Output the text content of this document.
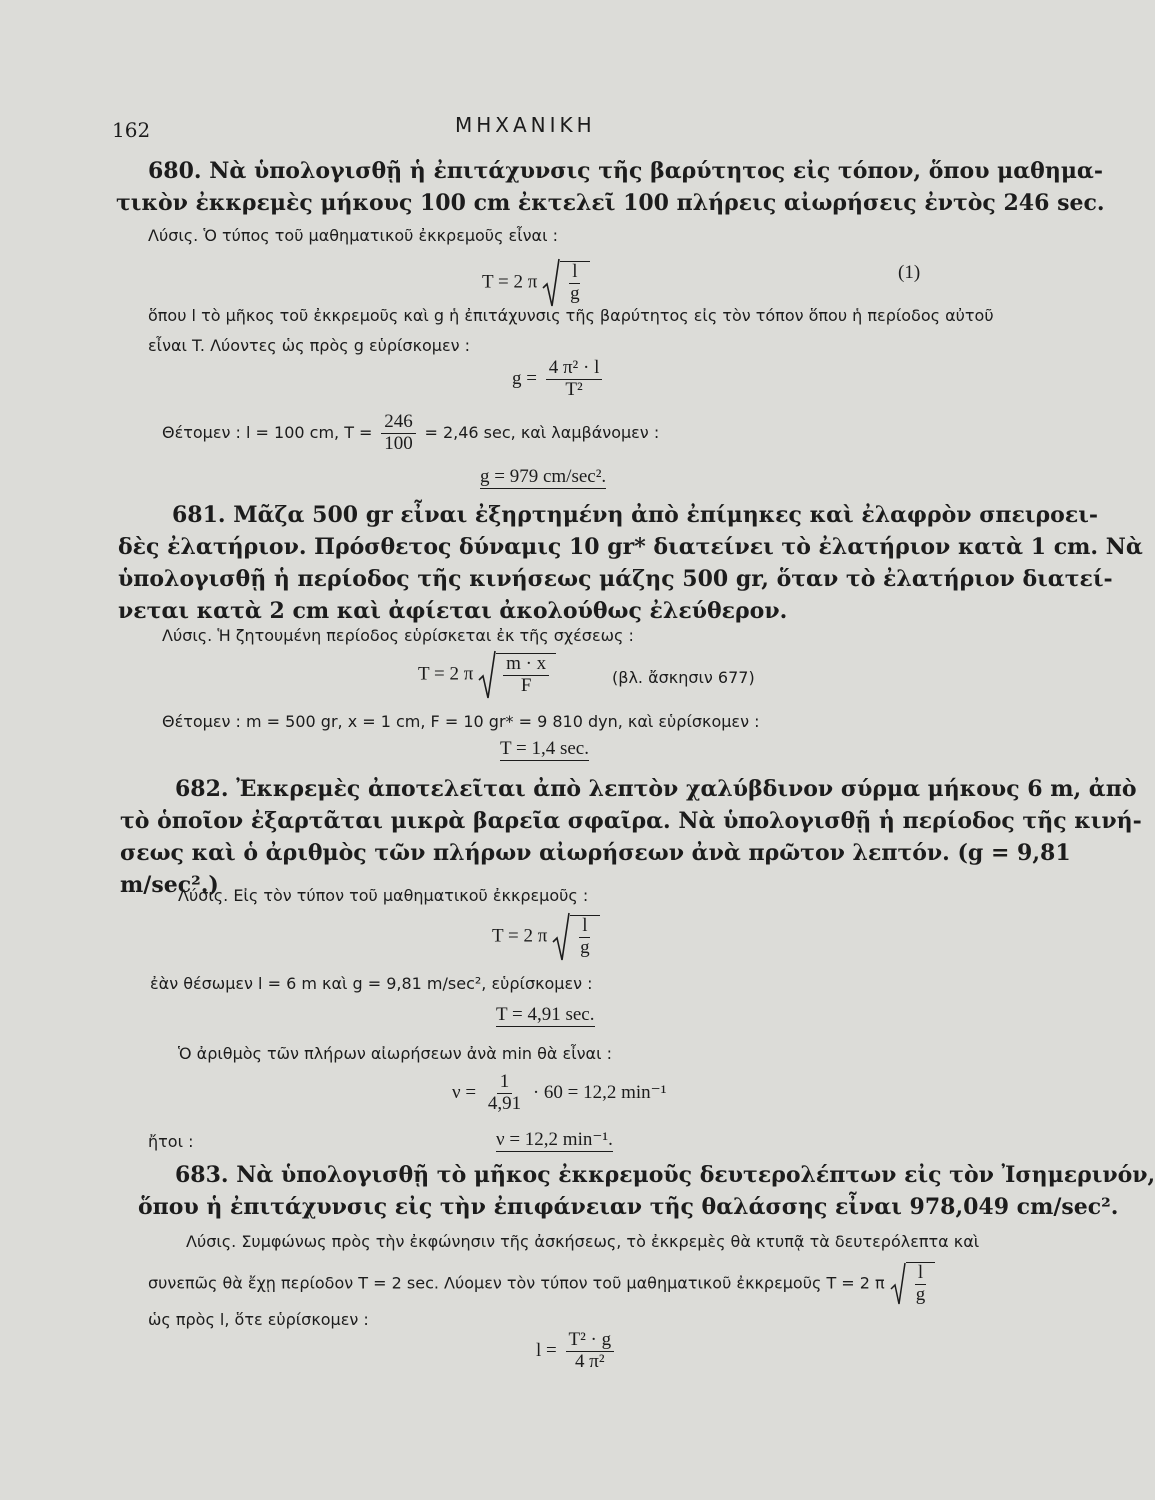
162	ΜΗΧΑΝΙΚΗ
680. Νὰ ὑπολογισθῇ ἡ ἐπιτάχυνσις τῆς βαρύτητος εἰς τόπον, ὅπου μαθημα-
τικὸν ἐκκρεμὲς μήκους 100 cm ἐκτελεῖ 100 πλήρεις αἰωρήσεις ἐντὸς 246 sec.
Λύσις. Ὁ τύπος τοῦ μαθηματικοῦ ἐκκρεμοῦς εἶναι :
T = 2 π $\frac{l}{g}$	(1)
ὅπου l τὸ μῆκος τοῦ ἐκκρεμοῦς καὶ g ἡ ἐπιτάχυνσις τῆς βαρύτητος εἰς τὸν τόπον ὅπου ἡ περίοδος αὐτοῦ
εἶναι T. Λύοντες ὡς πρὸς g εὑρίσκομεν :
$g = \frac{\text{4 π² · l}}{\text{T²}}$
Θέτομεν : l = 100 cm, $T = \frac{246}{100} = 2,46$ sec, καὶ λαμβάνομεν :
g = 979 cm/sec².
681. Μᾶζα 500 gr εἶναι ἐξηρτημένη ἀπὸ ἐπίμηκες καὶ ἐλαφρὸν σπειροει-
δὲς ἐλατήριον. Πρόσθετος δύναμις 10 gr* διατείνει τὸ ἐλατήριον κατὰ 1 cm. Νὰ
ὑπολογισθῇ ἡ περίοδος τῆς κινήσεως μάζης 500 gr, ὅταν τὸ ἐλατήριον διατεί-
νεται κατὰ 2 cm καὶ ἀφίεται ἀκολούθως ἐλεύθερον.
Λύσις. Ἡ ζητουμένη περίοδος εὑρίσκεται ἐκ τῆς σχέσεως :
T = 2 π $\frac{m \cdot x}{F}$	(βλ. ἄσκησιν 677)
Θέτομεν : m = 500 gr, x = 1 cm, F = 10 gr* = 9 810 dyn, καὶ εὑρίσκομεν :
T = 1,4 sec.
682. Ἐκκρεμὲς ἀποτελεῖται ἀπὸ λεπτὸν χαλύβδινον σύρμα μήκους 6 m, ἀπὸ
τὸ ὁποῖον ἐξαρτᾶται μικρὰ βαρεῖα σφαῖρα. Νὰ ὑπολογισθῇ ἡ περίοδος τῆς κινή-
σεως καὶ ὁ ἀριθμὸς τῶν πλήρων αἰωρήσεων ἀνὰ πρῶτον λεπτόν. (g = 9,81
m/sec².)
Λύσις. Εἰς τὸν τύπον τοῦ μαθηματικοῦ ἐκκρεμοῦς :
T = 2 π $\frac{l}{g}$
ἐὰν θέσωμεν l = 6 m καὶ g = 9,81 m/sec², εὑρίσκομεν :
T = 4,91 sec.
Ὁ ἀριθμὸς τῶν πλήρων αἰωρήσεων ἀνὰ min θὰ εἶναι :
$\nu = \frac{1}{4,91} \cdot 60 = 12,2$ min⁻¹
ἤτοι :	ν = 12,2 min⁻¹.
683. Νὰ ὑπολογισθῇ τὸ μῆκος ἐκκρεμοῦς δευτερολέπτων εἰς τὸν Ἰσημερινόν,
ὅπου ἡ ἐπιτάχυνσις εἰς τὴν ἐπιφάνειαν τῆς θαλάσσης εἶναι 978,049 cm/sec².
Λύσις. Συμφώνως πρὸς τὴν ἐκφώνησιν τῆς ἀσκήσεως, τὸ ἐκκρεμὲς θὰ κτυπᾷ τὰ δευτερόλεπτα καὶ
συνεπῶς θὰ ἔχῃ περίοδον T = 2 sec. Λύομεν τὸν τύπον τοῦ μαθηματικοῦ ἐκκρεμοῦς T = 2 π $\frac{l}{g}$
ὡς πρὸς l, ὅτε εὑρίσκομεν :
$l = \frac{\text{T² · g}}{\text{4 π²}}$
